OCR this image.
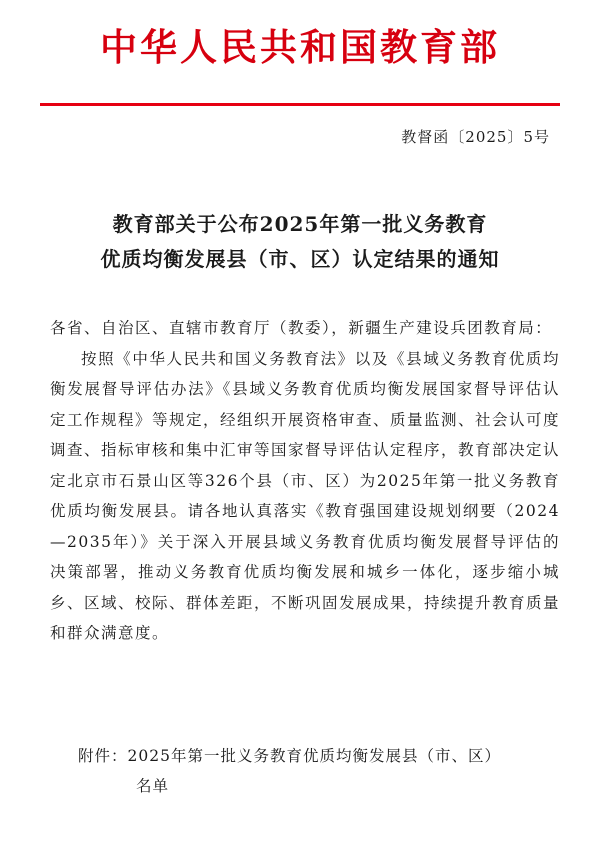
中华人民共和国教育部
教督函〔2025〕5号
教育部关于公布2025年第一批义务教育
优质均衡发展县（市、区）认定结果的通知

各省、自治区、直辖市教育厅（教委），新疆生产建设兵团教育局：

按照《中华人民共和国义务教育法》以及《县域义务教育优质均衡发展督导评估办法》《县域义务教育优质均衡发展国家督导评估认定工作规程》等规定，经组织开展资格审查、质量监测、社会认可度调查、指标审核和集中汇审等国家督导评估认定程序，教育部决定认定北京市石景山区等326个县（市、区）为2025年第一批义务教育优质均衡发展县。请各地认真落实《教育强国建设规划纲要（2024—2035年）》关于深入开展县域义务教育优质均衡发展督导评估的决策部署，推动义务教育优质均衡发展和城乡一体化，逐步缩小城乡、区域、校际、群体差距，不断巩固发展成果，持续提升教育质量和群众满意度。

附件：2025年第一批义务教育优质均衡发展县（市、区）
名单
